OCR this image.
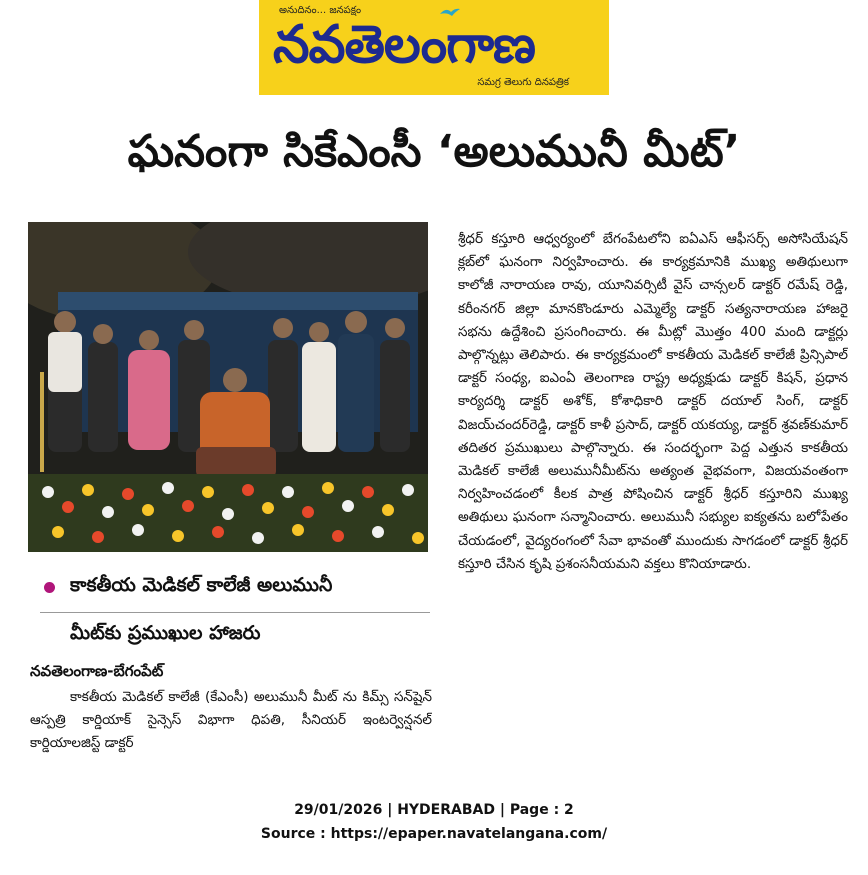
అనుదినం... జనపక్షం
నవతెలంగాణ
సమగ్ర తెలుగు దినపత్రిక
ఘనంగా సికేఎంసీ ‘అలుమునీ మీట్’
కాకతీయ మెడికల్ కాలేజీ అలుమునీ
మీట్‌కు ప్రముఖుల హాజరు
నవతెలంగాణ-బేగంపేట్
కాకతీయ మెడికల్ కాలేజీ (కేఎంసీ) అలుమునీ మీట్ ను కిమ్స్ సన్‌షైన్ ఆస్పత్రి కార్డియాక్ సైన్సెస్ విభాగా ధిపతి, సీనియర్ ఇంటర్వెన్షనల్ కార్డియాలజిస్ట్ డాక్టర్
శ్రీధర్ కస్తూరి ఆధ్వర్యంలో బేగంపేటలోని ఐఏఎస్ ఆఫీసర్స్ అసోసియేషన్ క్లబ్‌లో ఘనంగా నిర్వహించారు. ఈ కార్యక్రమానికి ముఖ్య అతిథులుగా కాలోజీ నారాయణ రావు, యూనివర్సిటీ వైస్ చాన్సలర్ డాక్టర్ రమేష్ రెడ్డి, కరీంనగర్ జిల్లా మానకొండూరు ఎమ్మెల్యే డాక్టర్ సత్యనారాయణ హాజరై సభను ఉద్దేశించి ప్రసంగించారు. ఈ మీట్లో మొత్తం 400 మంది డాక్టర్లు పాల్గొన్నట్లు తెలిపారు. ఈ కార్యక్రమంలో కాకతీయ మెడికల్ కాలేజీ ప్రిన్సిపాల్ డాక్టర్ సంధ్య, ఐఎంఏ తెలంగాణ రాష్ట్ర అధ్యక్షుడు డాక్టర్ కిషన్, ప్రధాన కార్యదర్శి డాక్టర్ అశోక్, కోశాధికారి డాక్టర్ దయాల్ సింగ్, డాక్టర్ విజయ్‌చందర్‌రెడ్డి, డాక్టర్ కాళీ ప్రసాద్, డాక్టర్ యకయ్య, డాక్టర్ శ్రవణ్‌కుమార్ తదితర ప్రముఖులు పాల్గొన్నారు. ఈ సందర్భంగా పెద్ద ఎత్తున కాకతీయ మెడికల్ కాలేజీ అలుమునీమీట్‌ను అత్యంత వైభవంగా, విజయవంతంగా నిర్వహించడంలో కీలక పాత్ర పోషించిన డాక్టర్ శ్రీధర్ కస్తూరిని ముఖ్య అతిథులు ఘనంగా సన్మానించారు. అలుమునీ సభ్యుల ఐక్యతను బలోపేతం చేయడంలో, వైద్యరంగంలో సేవా భావంతో ముందుకు సాగడంలో డాక్టర్ శ్రీధర్ కస్తూరి చేసిన కృషి ప్రశంసనీయమని వక్తలు కొనియాడారు.
29/01/2026 | HYDERABAD | Page : 2
Source : https://epaper.navatelangana.com/
